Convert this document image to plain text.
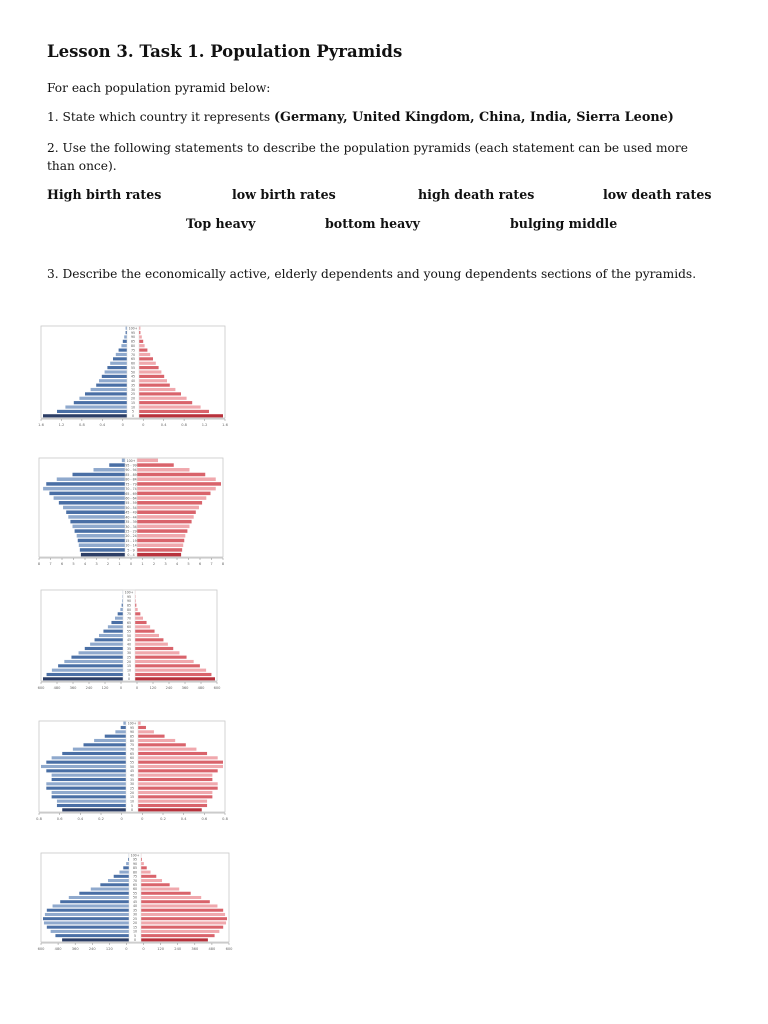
Lesson 3. Task 1. Population Pyramids
For each population pyramid below:
1. State which country it represents (Germany, United Kingdom, China, India, Sierra Leone)
2. Use the following statements to describe the population pyramids (each statement can be used more than once).
High birth rates	low birth rates	high death rates	low death rates
Top heavy	bottom heavy	bulging middle
3. Describe the economically active, elderly dependents and young dependents sections of the pyramids.
100+
95
90
85
80
75
70
65
60
55
50
45
40
35
30
25
20
15
10
5
0
1.6	1.2	0.8	0.4	0	0	0.4	0.8	1.2	1.6
100+
95 - 99
90 - 94
85 - 89
80 - 84
75 - 79
70 - 74
65 - 69
60 - 64
55 - 59
50 - 54
45 - 49
40 - 44
35 - 39
30 - 34
25 - 29
20 - 24
15 - 19
10 - 14
5 - 9
0 - 4
8	7	6	5	4	3	2	1	0	1	2	3	4	5	6	7	8
100+
95
90
85
80
75
70
65
60
55
50
45
40
35
30
25
20
15
10
5
0
600	480	360	240	120	0	0	120	240	360	480	600
100+
95
90
85
80
75
70
65
60
55
50
45
40
35
30
25
20
15
10
5
0
0.8	0.6	0.4	0.2	0	0	0.2	0.4	0.6	0.8
100+
95
90
85
80
75
70
65
60
55
50
45
40
35
30
25
20
15
10
5
0
600	480	360	240	120	0	0	120	240	360	480	600
